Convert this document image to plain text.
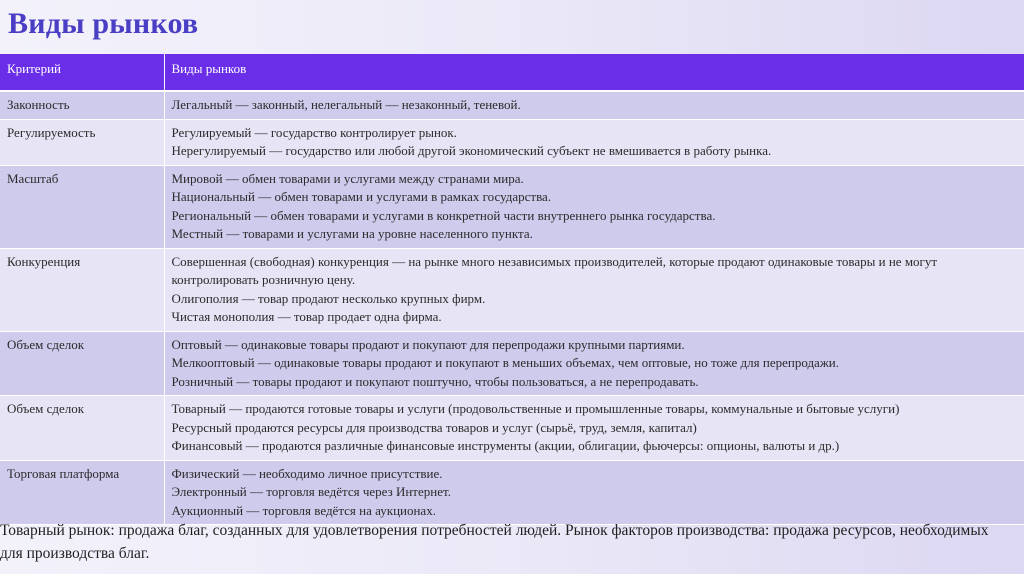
Виды рынков
Критерий	Виды рынков
Законность	Легальный — законный, нелегальный — незаконный, теневой.

Регулируемость	Регулируемый — государство контролирует рынок.
Нерегулируемый — государство или любой другой экономический субъект не вмешивается в работу рынка.

Масштаб	Мировой — обмен товарами и услугами между странами мира.
Национальный — обмен товарами и услугами в рамках государства.
Региональный — обмен товарами и услугами в конкретной части внутреннего рынка государства.
Местный — товарами и услугами на уровне населенного пункта.

Конкуренция	Совершенная (свободная) конкуренция — на рынке много независимых производителей, которые продают одинаковые товары и не могут контролировать розничную цену.
Олигополия — товар продают несколько крупных фирм.
Чистая монополия — товар продает одна фирма.

Объем сделок	Оптовый — одинаковые товары продают и покупают для перепродажи крупными партиями.
Мелкооптовый — одинаковые товары продают и покупают в меньших объемах, чем оптовые, но тоже для перепродажи.
Розничный — товары продают и покупают поштучно, чтобы пользоваться, а не перепродавать.

Объем сделок	Товарный — продаются готовые товары и услуги (продовольственные и промышленные товары, коммунальные и бытовые услуги)
Ресурсный продаются ресурсы для производства товаров и услуг (сырьё, труд, земля, капитал)
Финансовый — продаются различные финансовые инструменты (акции, облигации, фьючерсы: опционы, валюты и др.)

Торговая платформа	Физический — необходимо личное присутствие.
Электронный — торговля ведётся через Интернет.
Аукционный — торговля ведётся на аукционах.

Товарный рынок: продажа благ, созданных для удовлетворения потребностей людей. Рынок факторов производства: продажа ресурсов, необходимых для производства благ.
